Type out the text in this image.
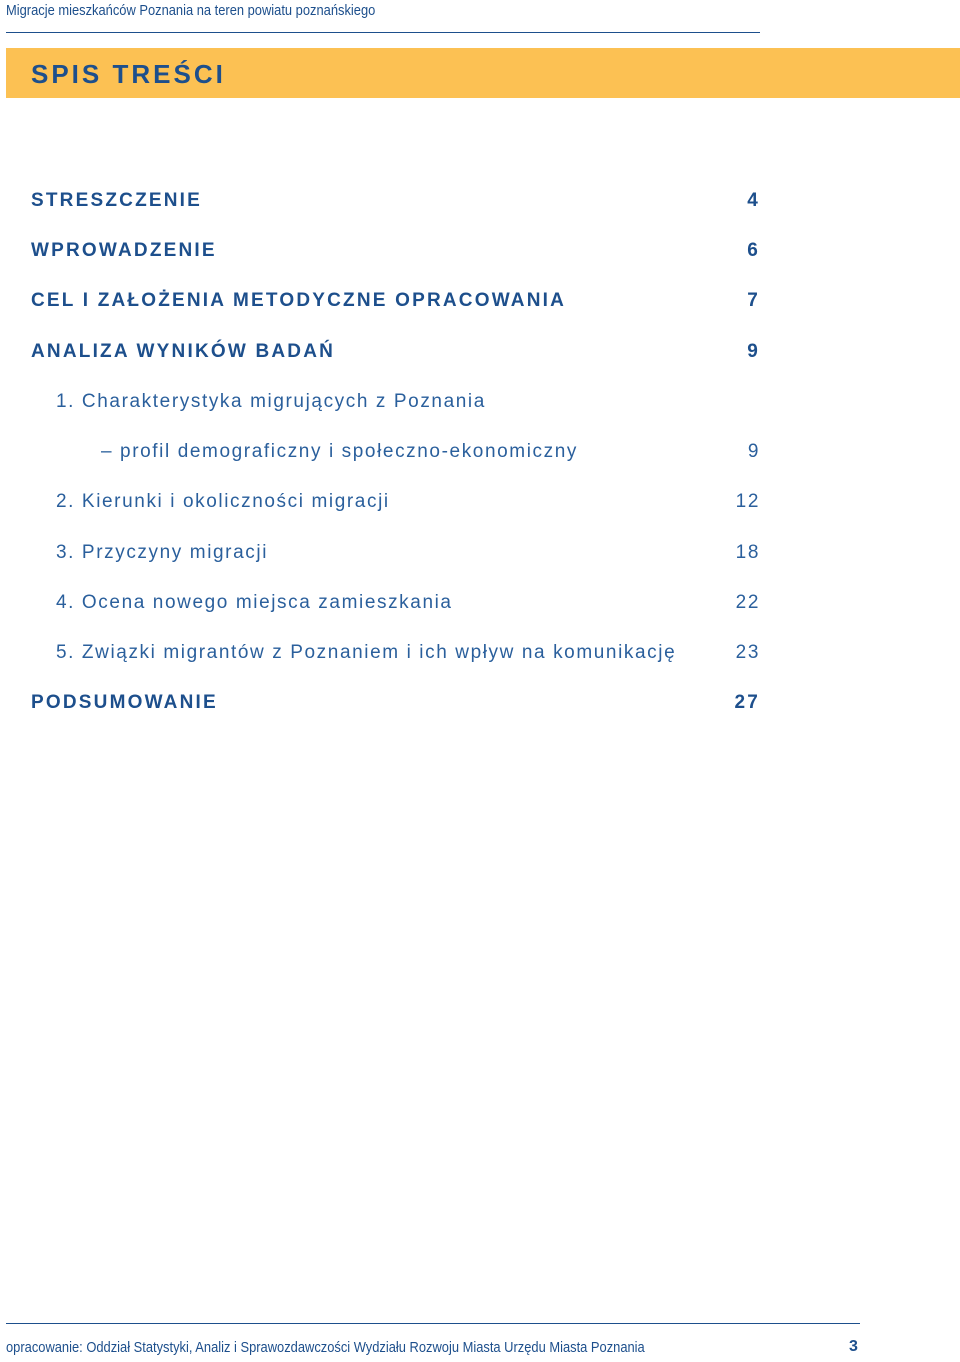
Migracje mieszkańców Poznania na teren powiatu poznańskiego
SPIS TREŚCI
STRESZCZENIE	4
WPROWADZENIE	6
CEL I ZAŁOŻENIA METODYCZNE OPRACOWANIA	7
ANALIZA WYNIKÓW BADAŃ	9
1. Charakterystyka migrujących z Poznania
– profil demograficzny i społeczno-ekonomiczny	9
2. Kierunki i okoliczności migracji	12
3. Przyczyny migracji	18
4. Ocena nowego miejsca zamieszkania	22
5. Związki migrantów z Poznaniem i ich wpływ na komunikację	23
PODSUMOWANIE	27
opracowanie: Oddział Statystyki, Analiz i Sprawozdawczości Wydziału Rozwoju Miasta Urzędu Miasta Poznania	3
